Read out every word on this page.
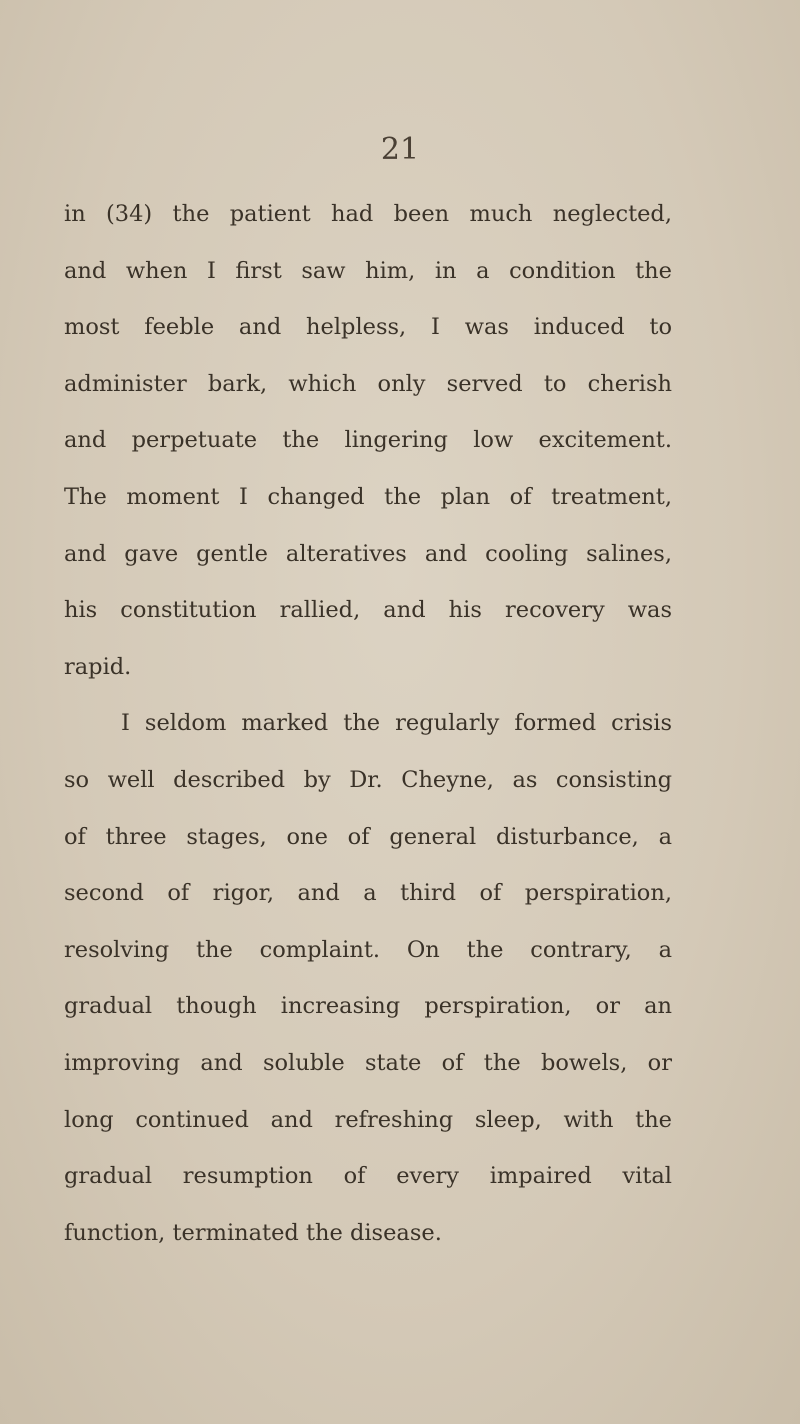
21
in (34) the patient had been much neglected,
and when I first saw him, in a condition the
most feeble and helpless, I was induced to
administer bark, which only served to cherish
and perpetuate the lingering low excitement.
The moment I changed the plan of treatment,
and gave gentle alteratives and cooling salines,
his constitution rallied, and his recovery was
rapid.
I seldom marked the regularly formed crisis
so well described by Dr. Cheyne, as consisting
of three stages, one of general disturbance, a
second of rigor, and a third of perspiration,
resolving the complaint. On the contrary, a
gradual though increasing perspiration, or an
improving and soluble state of the bowels, or
long continued and refreshing sleep, with the
gradual resumption of every impaired vital
function, terminated the disease.
